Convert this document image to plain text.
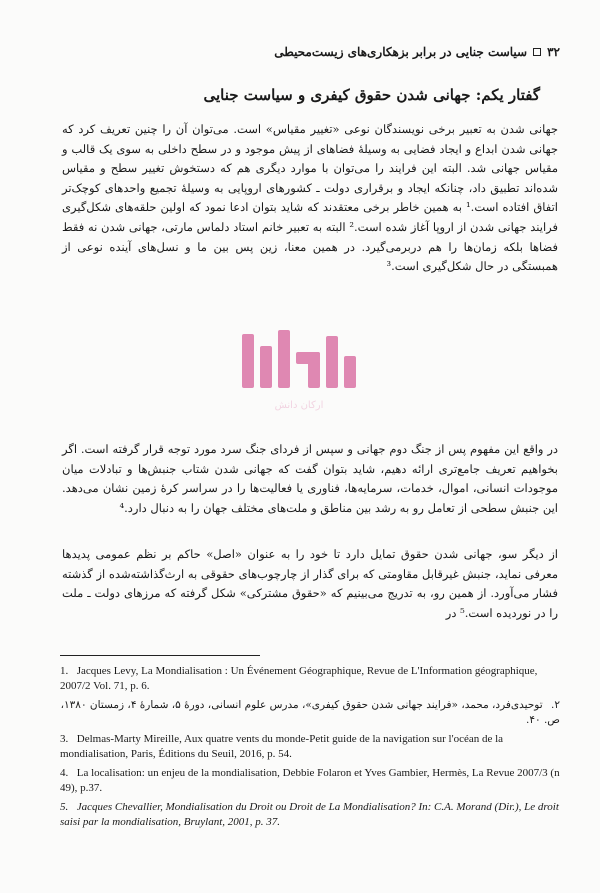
۳۲
سیاست جنایی در برابر بزهکاری‌های زیست‌محیطی
گفتار یکم: جهانی شدن حقوق کیفری و سیاست جنایی
جهانی شدن به تعبیر برخی نویسندگان نوعی «تغییر مقیاس» است. می‌توان آن را چنین تعریف کرد که جهانی شدن ابداع و ایجاد فضایی به وسیلهٔ فضاهای از پیش موجود و در سطح داخلی به سوی یک قالب و مقیاس جهانی شد. البته این فرایند را می‌توان با موارد دیگری هم که دستخوش تغییر سطح و مقیاس شده‌اند تطبیق داد، چنانکه ایجاد و برقراری دولت ـ کشورهای اروپایی به وسیلهٔ تجمیع واحدهای کوچک‌تر اتفاق افتاده است.¹ به همین خاطر برخی معتقدند که شاید بتوان ادعا نمود که اولین حلقه‌های شکل‌گیری فرایند جهانی شدن از اروپا آغاز شده است.² البته به تعبیر خانم استاد دلماس مارتی، جهانی شدن نه فقط فضاها بلکه زمان‌ها را هم دربرمی‌گیرد. در همین معنا، زین پس بین ما و نسل‌های آینده نوعی از همبستگی در حال شکل‌گیری است.³
در واقع این مفهوم پس از جنگ دوم جهانی و سپس از فردای جنگ سرد مورد توجه قرار گرفته است. اگر بخواهیم تعریف جامع‌تری ارائه دهیم، شاید بتوان گفت که جهانی شدن شتاب جنبش‌ها و تبادلات میان موجودات انسانی، اموال، خدمات، سرمایه‌ها، فناوری یا فعالیت‌ها را در سراسر کرهٔ زمین نشان می‌دهد. این جنبش سطحی از تعامل رو به رشد بین مناطق و ملت‌های مختلف جهان را به دنبال دارد.⁴
از دیگر سو، جهانی شدن حقوق تمایل دارد تا خود را به عنوان «اصل» حاکم بر نظم عمومی پدیدها معرفی نماید، جنبش غیرقابل مقاومتی که برای گذار از چارچوب‌های حقوقی به ارث‌گذاشته‌شده از گذشته فشار می‌آورد. از همین رو، به تدریج می‌بینیم که «حقوق مشترکی» شکل گرفته که مرزهای دولت ـ ملت را در نوردیده است.⁵ در
ارکان دانش
1. Jacques Levy, La Mondialisation : Un Événement Géographique, Revue de L'Information géographique, 2007/2 Vol. 71, p. 6.
۲. توحیدی‌فرد، محمد، «فرایند جهانی شدن حقوق کیفری»، مدرس علوم انسانی، دورهٔ ۵، شمارهٔ ۴، زمستان ۱۳۸۰، ص. ۴۰.
3. Delmas-Marty Mireille, Aux quatre vents du monde-Petit guide de la navigation sur l'océan de la mondialisation, Paris, Éditions du Seuil, 2016, p. 54.
4. La localisation: un enjeu de la mondialisation, Debbie Folaron et Yves Gambier, Hermès, La Revue 2007/3 (n 49), p.37.
5. Jacques Chevallier, Mondialisation du Droit ou Droit de La Mondialisation? In: C.A. Morand (Dir.), Le droit saisi par la mondialisation, Bruylant, 2001, p. 37.
